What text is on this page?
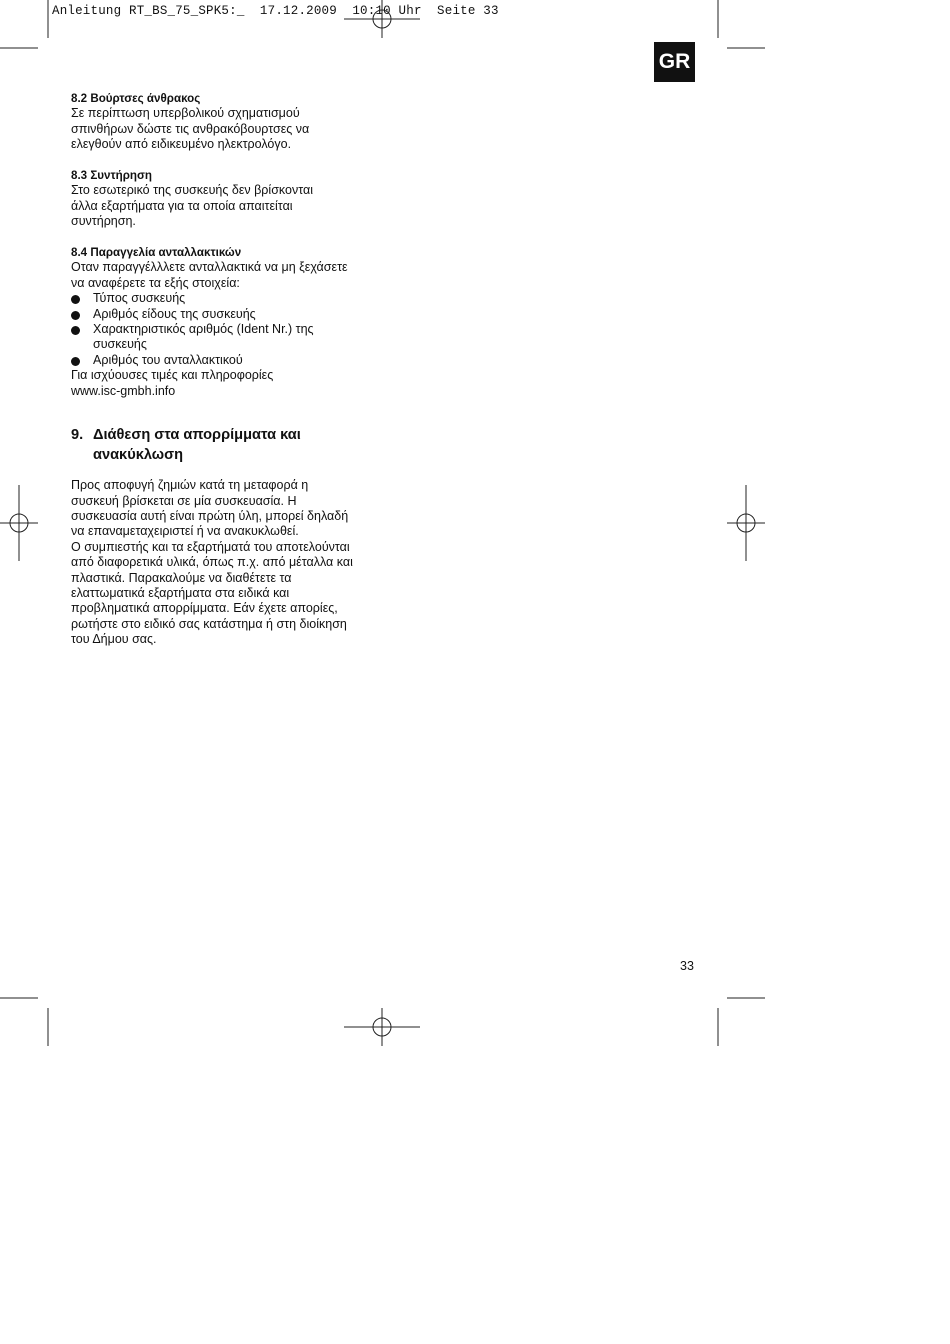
Anleitung RT_BS_75_SPK5:_  17.12.2009  10:10 Uhr  Seite 33
GR
8.2 Βούρτσες άνθρακος

Σε περίπτωση υπερβολικού σχηματισμού

σπινθήρων δώστε τις ανθρακόβουρτσες να

ελεγθούν από ειδικευμένο ηλεκτρολόγο.

8.3 Συντήρηση

Στο εσωτερικό της συσκευής δεν βρίσκονται

άλλα εξαρτήματα για τα οποία απαιτείται

συντήρηση.

8.4 Παραγγελία ανταλλακτικών

Οταν παραγγέλλλετε ανταλλακτικά να μη ξεχάσετε

να αναφέρετε τα εξής στοιχεία:

Τύπος συσκευής
Αριθμός είδους της συσκευής
Χαρακτηριστικός αριθμός (Ident Nr.) της
συσκευής
Αριθμός του ανταλλακτικού

Για ισχύουσες τιμές και πληροφορίες

www.isc-gmbh.info

9. Διάθεση στα απορρίμματα και
ανακύκλωση

Προς αποφυγή ζημιών κατά τη μεταφορά η

συσκευή βρίσκεται σε μία συσκευασία. Η

συσκευασία αυτή είναι πρώτη ύλη, μπορεί δηλαδή

να επαναμεταχειριστεί ή να ανακυκλωθεί.

Ο συμπιεστής και τα εξαρτήματά του αποτελούνται

από διαφορετικά υλικά, όπως π.χ. από μέταλλα και

πλαστικά. Παρακαλούμε να διαθέτετε τα

ελαττωματικά εξαρτήματα στα ειδικά και

προβληματικά απορρίμματα. Εάν έχετε απορίες,

ρωτήστε στο ειδικό σας κατάστημα ή στη διοίκηση

του Δήμου σας.

33
